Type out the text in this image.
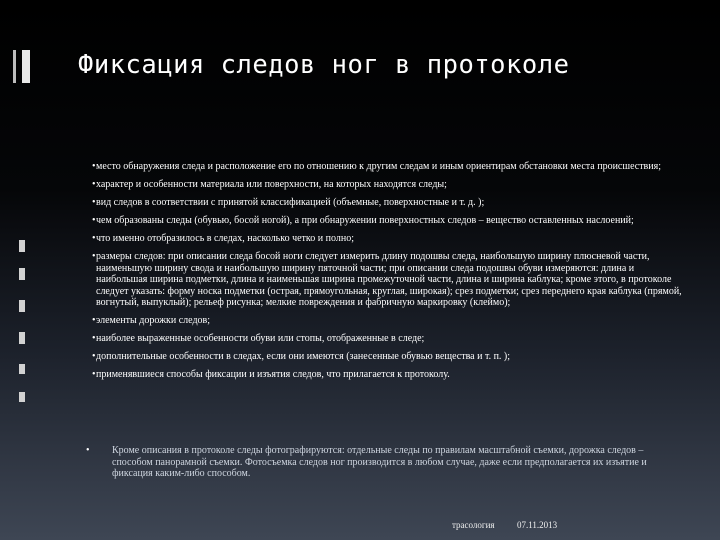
Фиксация следов ног в протоколе
•место обнаружения следа и расположение его по отношению к другим следам и иным ориентирам обстановки места происшествия;
•характер и особенности материала или поверхности, на которых находятся следы;
•вид следов в соответствии с принятой классификацией (объемные, поверхностные и т. д. );
•чем образованы следы (обувью, босой ногой), а при обнаружении поверхностных следов – вещество оставленных наслоений;
•что именно отобразилось в следах, насколько четко и полно;
•размеры следов: при описании следа босой ноги следует измерить длину подошвы следа, наибольшую ширину плюсневой части, наименьшую ширину свода и наибольшую ширину пяточной части; при описании следа подошвы обуви измеряются: длина и наибольшая ширина подметки, длина и наименьшая ширина промежуточной части, длина и ширина каблука; кроме этого, в протоколе следует указать: форму носка подметки (острая, прямоугольная, круглая, широкая); срез подметки; срез переднего края каблука (прямой, вогнутый, выпуклый); рельеф рисунка; мелкие повреждения и фабричную маркировку (клеймо);
•элементы дорожки следов;
•наиболее выраженные особенности обуви или стопы, отображенные в следе;
•дополнительные особенности в следах, если они имеются (занесенные обувью вещества и т. п. );
•применявшиеся способы фиксации и изъятия следов, что прилагается к протоколу.
• Кроме описания в протоколе следы фотографируются: отдельные следы по правилам масштабной съемки, дорожка следов – способом панорамной съемки. Фотосъемка следов ног производится в любом случае, даже если предполагается их изъятие и фиксация каким-либо способом.
трасология 07.11.2013
